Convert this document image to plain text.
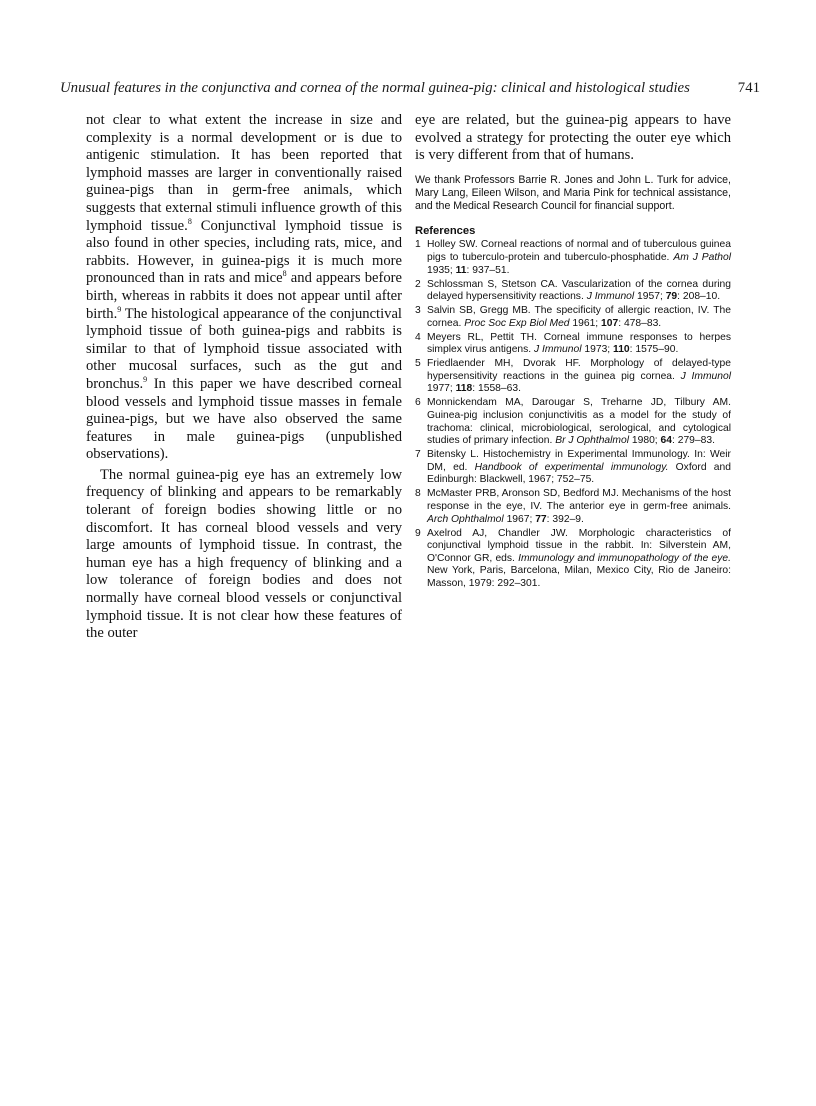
Unusual features in the conjunctiva and cornea of the normal guinea-pig: clinical and histological studies	741

not clear to what extent the increase in size and complexity is a normal development or is due to antigenic stimulation. It has been reported that lymphoid masses are larger in conventionally raised guinea-pigs than in germ-free animals, which suggests that external stimuli influence growth of this lymphoid tissue.$^8$ Conjunctival lymphoid tissue is also found in other species, including rats, mice, and rabbits. However, in guinea-pigs it is much more pronounced than in rats and mice$^8$ and appears before birth, whereas in rabbits it does not appear until after birth.$^9$ The histological appearance of the conjunctival lymphoid tissue of both guinea-pigs and rabbits is similar to that of lymphoid tissue associated with other mucosal surfaces, such as the gut and bronchus.$^9$ In this paper we have described corneal blood vessels and lymphoid tissue masses in female guinea-pigs, but we have also observed the same features in male guinea-pigs (unpublished observations).

The normal guinea-pig eye has an extremely low frequency of blinking and appears to be remarkably tolerant of foreign bodies showing little or no discomfort. It has corneal blood vessels and very large amounts of lymphoid tissue. In contrast, the human eye has a high frequency of blinking and a low tolerance of foreign bodies and does not normally have corneal blood vessels or conjunctival lymphoid tissue. It is not clear how these features of the outer

eye are related, but the guinea-pig appears to have evolved a strategy for protecting the outer eye which is very different from that of humans.

We thank Professors Barrie R. Jones and John L. Turk for advice, Mary Lang, Eileen Wilson, and Maria Pink for technical assistance, and the Medical Research Council for financial support.

References
1 Holley SW. Corneal reactions of normal and of tuberculous guinea pigs to tuberculo-protein and tuberculo-phosphatide. Am J Pathol 1935; 11: 937–51.
2 Schlossman S, Stetson CA. Vascularization of the cornea during delayed hypersensitivity reactions. J Immunol 1957; 79: 208–10.
3 Salvin SB, Gregg MB. The specificity of allergic reaction, IV. The cornea. Proc Soc Exp Biol Med 1961; 107: 478–83.
4 Meyers RL, Pettit TH. Corneal immune responses to herpes simplex virus antigens. J Immunol 1973; 110: 1575–90.
5 Friedlaender MH, Dvorak HF. Morphology of delayed-type hypersensitivity reactions in the guinea pig cornea. J Immunol 1977; 118: 1558–63.
6 Monnickendam MA, Darougar S, Treharne JD, Tilbury AM. Guinea-pig inclusion conjunctivitis as a model for the study of trachoma: clinical, microbiological, serological, and cytological studies of primary infection. Br J Ophthalmol 1980; 64: 279–83.
7 Bitensky L. Histochemistry in Experimental Immunology. In: Weir DM, ed. Handbook of experimental immunology. Oxford and Edinburgh: Blackwell, 1967; 752–75.
8 McMaster PRB, Aronson SD, Bedford MJ. Mechanisms of the host response in the eye, IV. The anterior eye in germ-free animals. Arch Ophthalmol 1967; 77: 392–9.
9 Axelrod AJ, Chandler JW. Morphologic characteristics of conjunctival lymphoid tissue in the rabbit. In: Silverstein AM, O'Connor GR, eds. Immunology and immunopathology of the eye. New York, Paris, Barcelona, Milan, Mexico City, Rio de Janeiro: Masson, 1979: 292–301.
